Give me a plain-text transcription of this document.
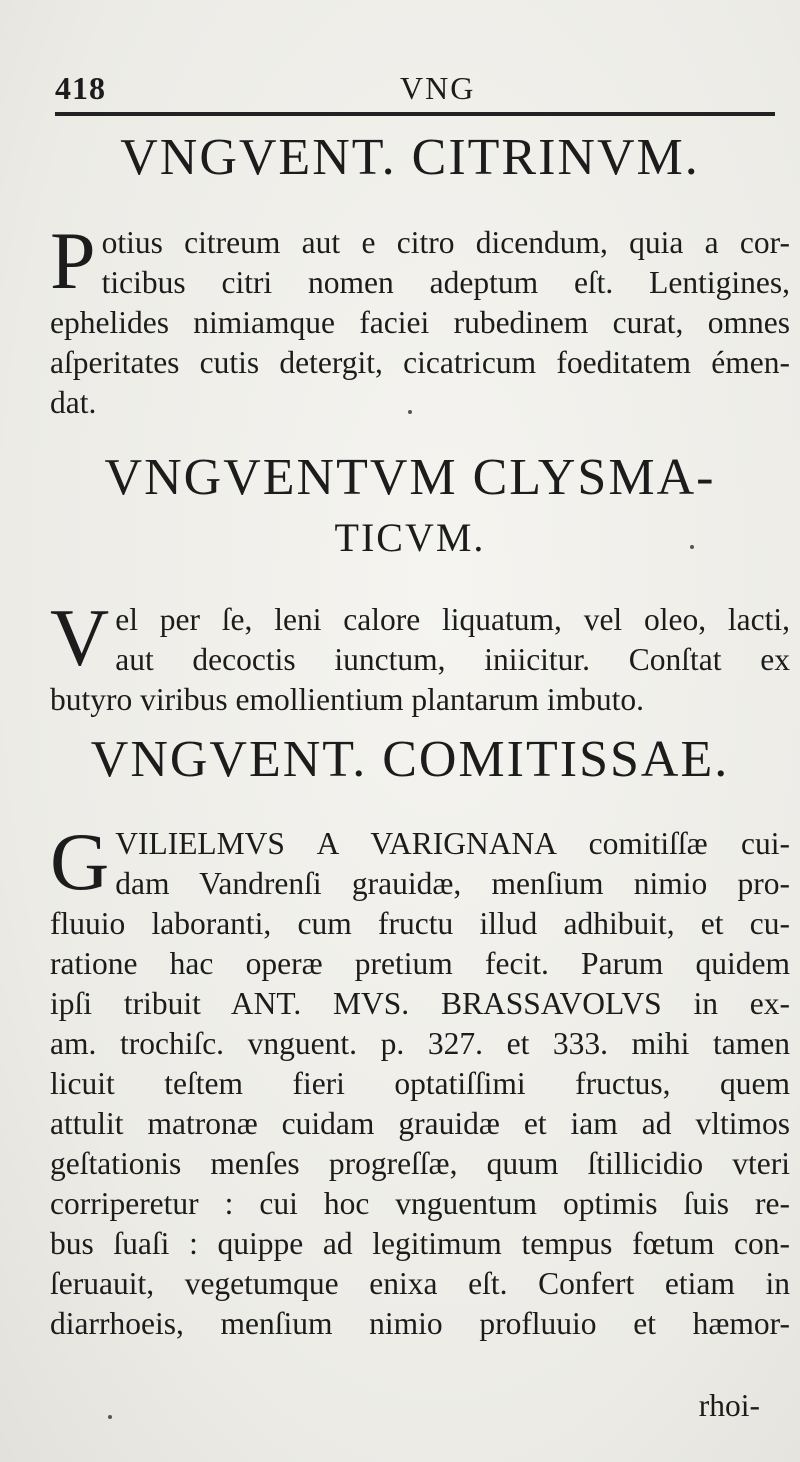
418	VNG
VNGVENT. CITRINVM.
P otius citreum aut e citro dicendum, quia a cor-
ticibus citri nomen adeptum eſt. Lentigines,
ephelides nimiamque faciei rubedinem curat, omnes
aſperitates cutis detergit, cicatricum foeditatem émen-
dat.
VNGVENTVM CLYSMA-
TICVM.
V el per ſe, leni calore liquatum, vel oleo, lacti,
aut decoctis iunctum, iniicitur. Conſtat ex
butyro viribus emollientium plantarum imbuto.
VNGVENT. COMITISSAE.
G VILIELMVS A VARIGNANA comitiſſæ cui-
dam Vandrenſi grauidæ, menſium nimio pro-
fluuio laboranti, cum fructu illud adhibuit, et cu-
ratione hac operæ pretium fecit. Parum quidem
ipſi tribuit ANT. MVS. BRASSAVOLVS in ex-
am. trochiſc. vnguent. p. 327. et 333. mihi tamen
licuit teſtem fieri optatiſſimi fructus, quem
attulit matronæ cuidam grauidæ et iam ad vltimos
geſtationis menſes progreſſæ, quum ſtillicidio vteri
corriperetur : cui hoc vnguentum optimis ſuis re-
bus ſuaſi : quippe ad legitimum tempus fœtum con-
ſeruauit, vegetumque enixa eſt. Confert etiam in
diarrhoeis, menſium nimio profluuio et hæmor-
rhoi-
